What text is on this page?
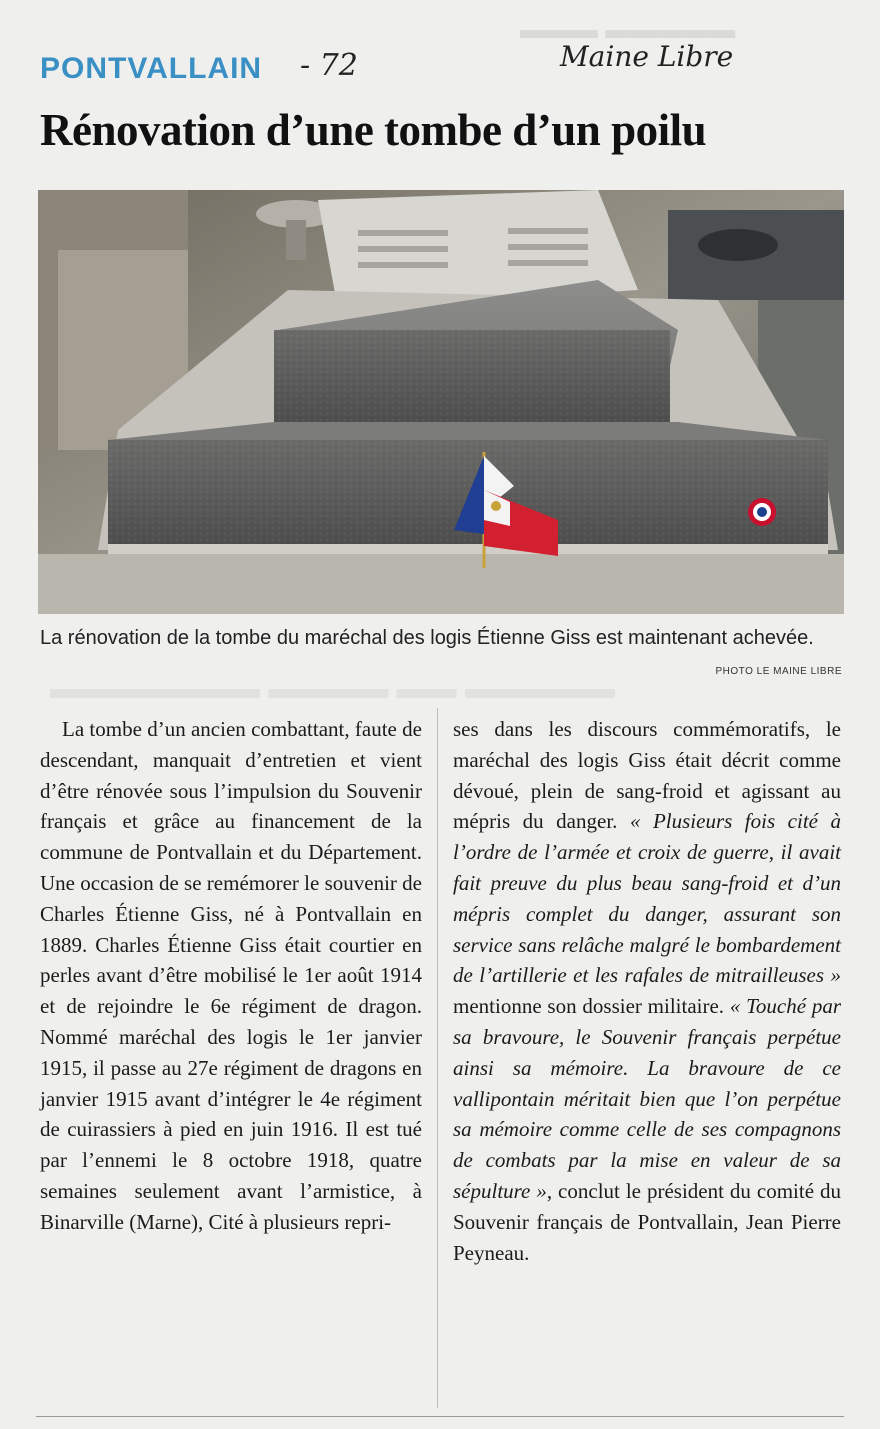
▬▬▬ ▬▬▬▬▬
▬▬▬▬▬▬▬ ▬▬▬▬ ▬▬ ▬▬▬▬▬
PONTVALLAIN - 72	Maine Libre
Rénovation d’une tombe d’un poilu
La rénovation de la tombe du maréchal des logis Étienne Giss est maintenant achevée.
PHOTO LE MAINE LIBRE

La tombe d’un ancien combattant, faute de descendant, manquait d’entretien et vient d’être rénovée sous l’impulsion du Souvenir français et grâce au financement de la commune de Pontvallain et du Département. Une occasion de se remémorer le souvenir de Charles Étienne Giss, né à Pontvallain en 1889. Charles Étienne Giss était courtier en perles avant d’être mobilisé le 1er août 1914 et de rejoindre le 6e régiment de dragon. Nommé maréchal des logis le 1er janvier 1915, il passe au 27e régiment de dragons en janvier 1915 avant d’intégrer le 4e régiment de cuirassiers à pied en juin 1916. Il est tué par l’ennemi le 8 octobre 1918, quatre semaines seulement avant l’armistice, à Binarville (Marne), Cité à plusieurs repri-

ses dans les discours commémoratifs, le maréchal des logis Giss était décrit comme dévoué, plein de sang-froid et agissant au mépris du danger. « Plusieurs fois cité à l’ordre de l’armée et croix de guerre, il avait fait preuve du plus beau sang-froid et d’un mépris complet du danger, assurant son service sans relâche malgré le bombardement de l’artillerie et les rafales de mitrailleuses » mentionne son dossier militaire. « Touché par sa bravoure, le Souvenir français perpétue ainsi sa mémoire. La bravoure de ce vallipontain méritait bien que l’on perpétue sa mémoire comme celle de ses compagnons de combats par la mise en valeur de sa sépulture », conclut le président du comité du Souvenir français de Pontvallain, Jean Pierre Peyneau.
